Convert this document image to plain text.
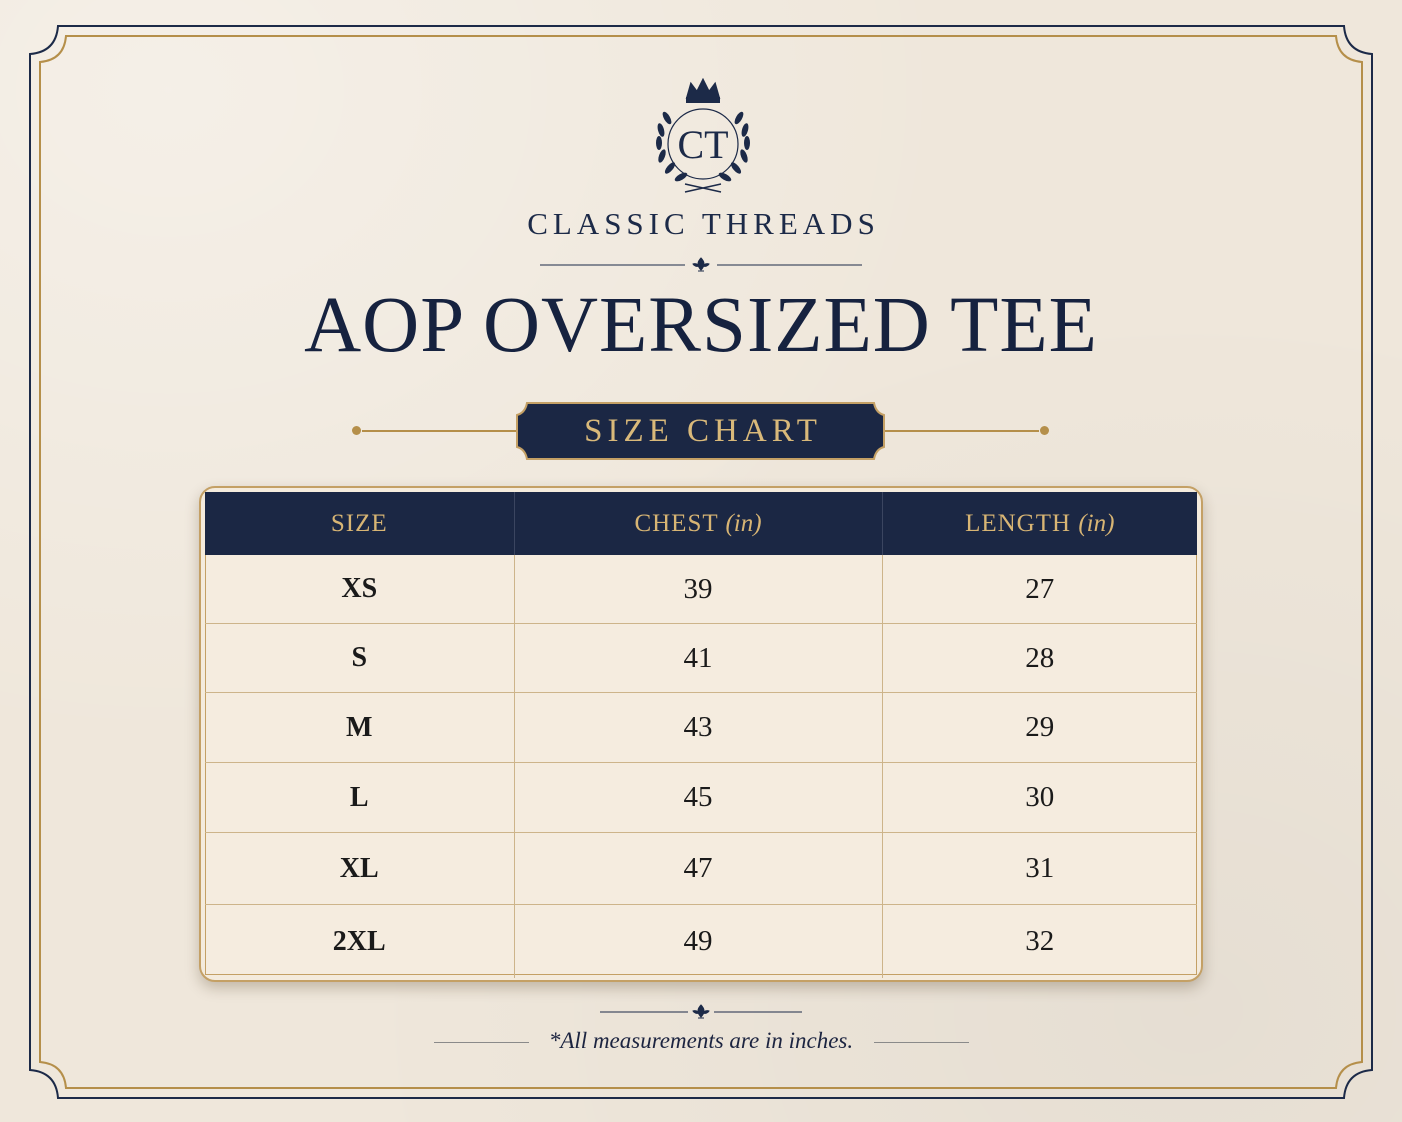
CT
CLASSIC THREADS
AOP OVERSIZED TEE
SIZE CHART
SIZE	CHEST (in)	LENGTH (in)
XS	39	27
S	41	28
M	43	29
L	45	30
XL	47	31
2XL	49	32
*All measurements are in inches.
